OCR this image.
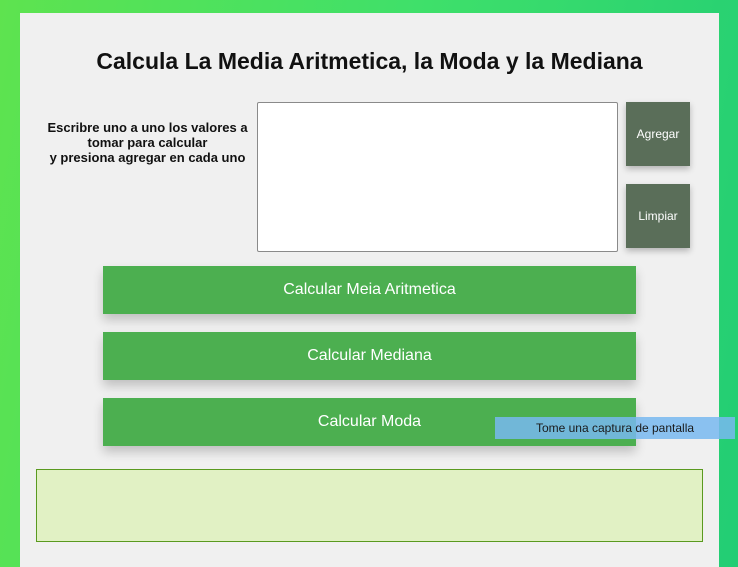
Calcula La Media Aritmetica, la Moda y la Mediana
Escribre uno a uno los valores a tomar para calcular
y presiona agregar en cada uno
Agregar
Limpiar
Calcular Meia Aritmetica
Calcular Mediana
Calcular Moda	Tome una captura de pantalla
